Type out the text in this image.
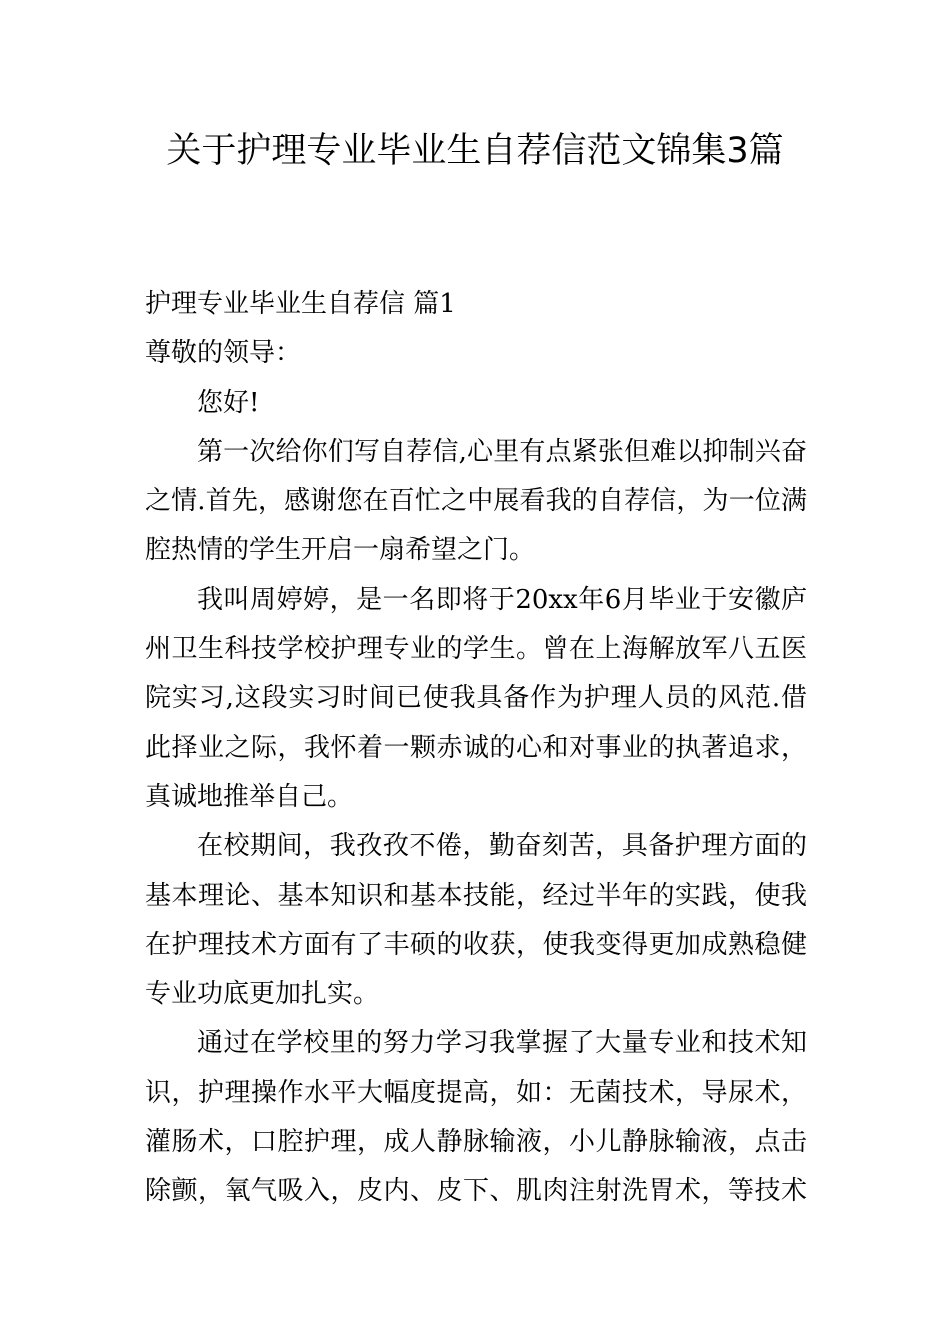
关于护理专业毕业生自荐信范文锦集3篇
护理专业毕业生自荐信 篇1
尊敬的领导：
您好!
第一次给你们写自荐信,心里有点紧张但难以抑制兴奋
之情.首先，感谢您在百忙之中展看我的自荐信，为一位满
腔热情的学生开启一扇希望之门。
我叫周婷婷，是一名即将于20xx年6月毕业于安徽庐
州卫生科技学校护理专业的学生。曾在上海解放军八五医
院实习,这段实习时间已使我具备作为护理人员的风范.借
此择业之际，我怀着一颗赤诚的心和对事业的执著追求，
真诚地推举自己。
在校期间，我孜孜不倦，勤奋刻苦，具备护理方面的
基本理论、基本知识和基本技能，经过半年的实践，使我
在护理技术方面有了丰硕的收获，使我变得更加成熟稳健
专业功底更加扎实。
通过在学校里的努力学习我掌握了大量专业和技术知
识，护理操作水平大幅度提高，如：无菌技术，导尿术，
灌肠术，口腔护理，成人静脉输液，小儿静脉输液，点击
除颤，氧气吸入，皮内、皮下、肌肉注射洗胃术，等技术
